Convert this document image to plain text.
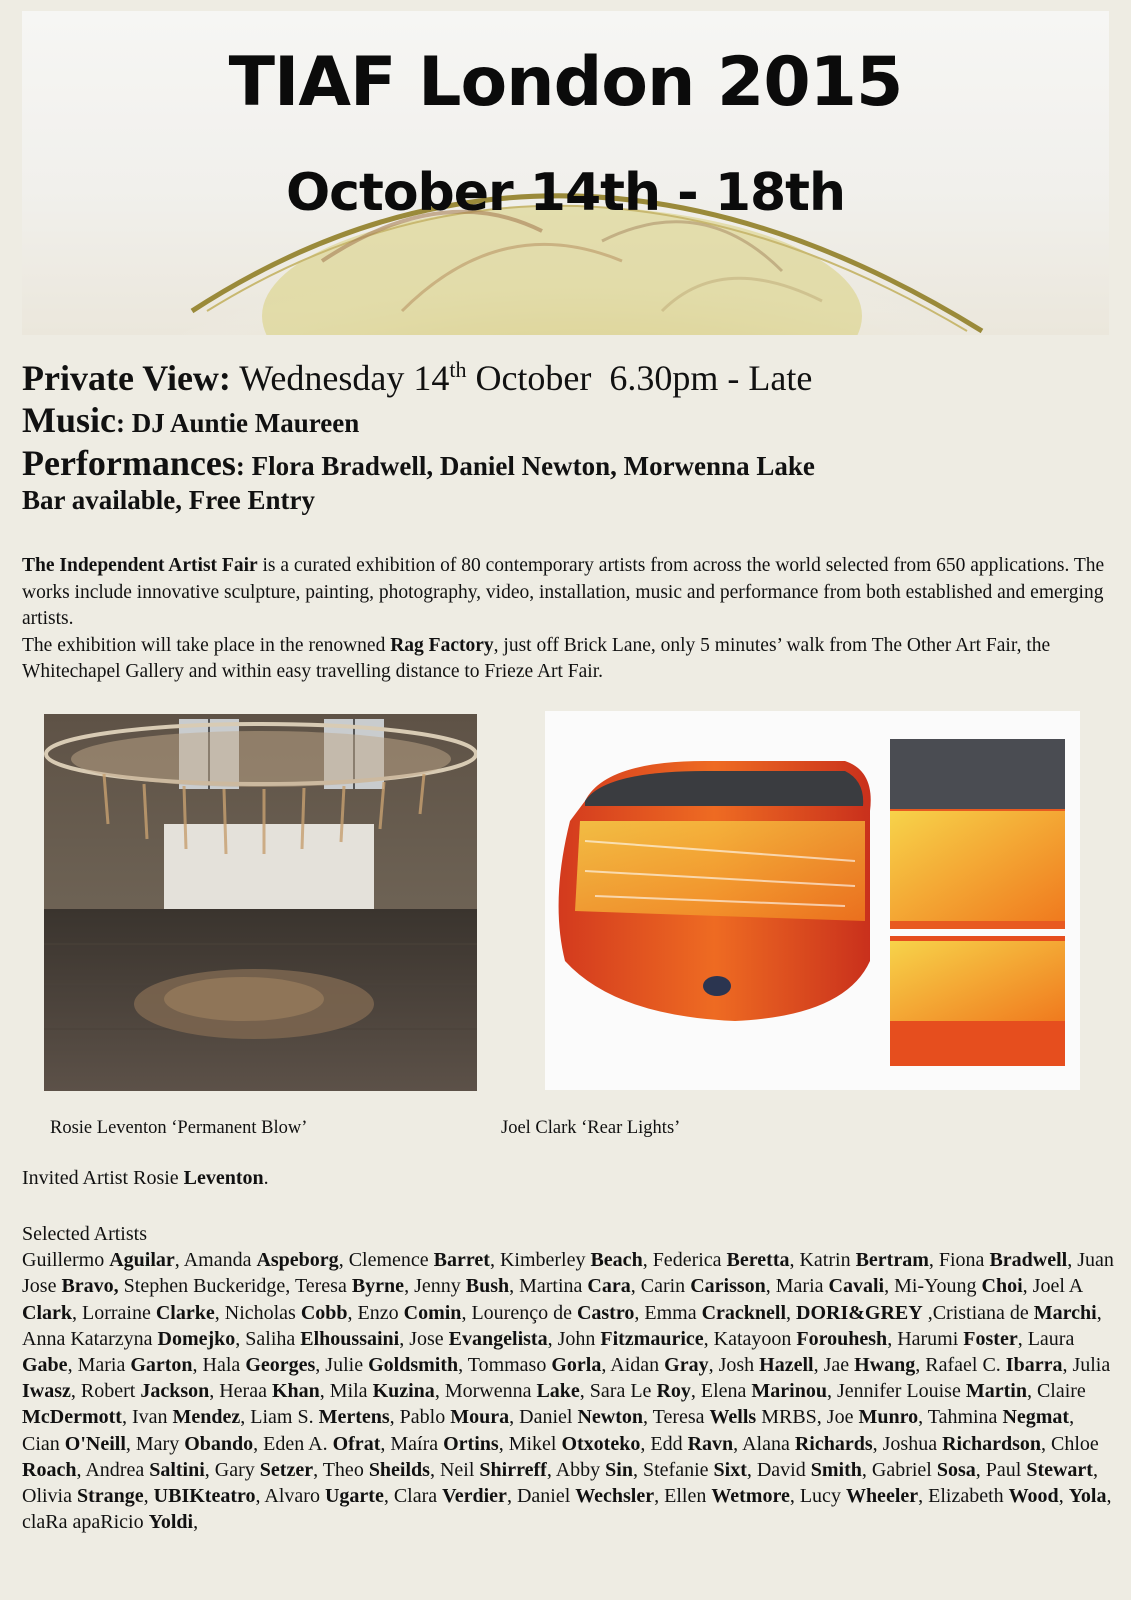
TIAF London 2015
October 14th - 18th
Private View: Wednesday 14th October  6.30pm - Late
Music: DJ Auntie Maureen
Performances: Flora Bradwell, Daniel Newton, Morwenna Lake
Bar available, Free Entry
The Independent Artist Fair is a curated exhibition of 80 contemporary artists from across the world selected from 650 applications. The works include innovative sculpture, painting, photography, video, installation, music and performance from both established and emerging artists.
The exhibition will take place in the renowned Rag Factory, just off Brick Lane, only 5 minutes’ walk from The Other Art Fair, the Whitechapel Gallery and within easy travelling distance to Frieze Art Fair.
Rosie Leventon ‘Permanent Blow’	Joel Clark ‘Rear Lights’
Invited Artist Rosie Leventon.
Selected Artists
Guillermo Aguilar, Amanda Aspeborg, Clemence Barret, Kimberley Beach, Federica Beretta, Katrin Bertram, Fiona Bradwell, Juan Jose Bravo, Stephen Buckeridge, Teresa Byrne, Jenny Bush, Martina Cara, Carin Carisson, Maria Cavali, Mi-Young Choi, Joel A Clark, Lorraine Clarke, Nicholas Cobb, Enzo Comin, Lourenço de Castro, Emma Cracknell, DORI&GREY ,Cristiana de Marchi, Anna Katarzyna Domejko, Saliha Elhoussaini, Jose Evangelista, John Fitzmaurice, Katayoon Forouhesh, Harumi Foster, Laura Gabe, Maria Garton, Hala Georges, Julie Goldsmith, Tommaso Gorla, Aidan Gray, Josh Hazell, Jae Hwang, Rafael C. Ibarra, Julia Iwasz, Robert Jackson, Heraa Khan, Mila Kuzina, Morwenna Lake, Sara Le Roy, Elena Marinou, Jennifer Louise Martin, Claire McDermott, Ivan Mendez, Liam S. Mertens, Pablo Moura, Daniel Newton, Teresa Wells MRBS, Joe Munro, Tahmina Negmat, Cian O'Neill, Mary Obando, Eden A. Ofrat, Maíra Ortins, Mikel Otxoteko, Edd Ravn, Alana Richards, Joshua Richardson, Chloe Roach, Andrea Saltini, Gary Setzer, Theo Sheilds, Neil Shirreff, Abby Sin, Stefanie Sixt, David Smith, Gabriel Sosa, Paul Stewart, Olivia Strange, UBIKteatro, Alvaro Ugarte, Clara Verdier, Daniel Wechsler, Ellen Wetmore, Lucy Wheeler, Elizabeth Wood, Yola, claRa apaRicio Yoldi,
